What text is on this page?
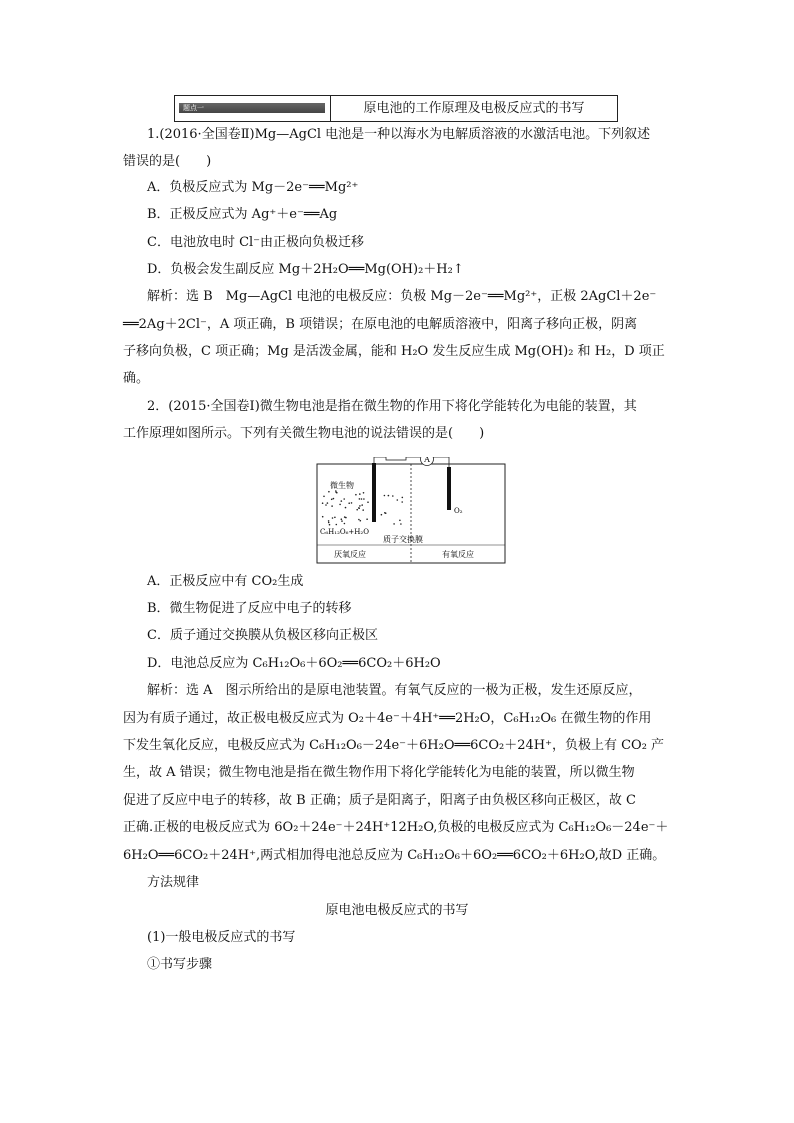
题点一	原电池的工作原理及电极反应式的书写
1.(2016·全国卷Ⅱ)Mg—AgCl 电池是一种以海水为电解质溶液的水激活电池。下列叙述
错误的是(　　)
A．负极反应式为 Mg－2e⁻══Mg²⁺
B．正极反应式为 Ag⁺＋e⁻══Ag
C．电池放电时 Cl⁻由正极向负极迁移
D．负极会发生副反应 Mg＋2H₂O══Mg(OH)₂＋H₂↑
解析：选 B　Mg—AgCl 电池的电极反应：负极 Mg－2e⁻══Mg²⁺，正极 2AgCl＋2e⁻
══2Ag＋2Cl⁻，A 项正确，B 项错误；在原电池的电解质溶液中，阳离子移向正极，阴离
子移向负极，C 项正确；Mg 是活泼金属，能和 H₂O 发生反应生成 Mg(OH)₂ 和 H₂，D 项正
确。
2．(2015·全国卷Ⅰ)微生物电池是指在微生物的作用下将化学能转化为电能的装置，其
工作原理如图所示。下列有关微生物电池的说法错误的是(　　)
A
微生物
C₆H₁₂O₆+H₂O
质子交换膜
O₂
厌氧反应	有氧反应
A．正极反应中有 CO₂生成
B．微生物促进了反应中电子的转移
C．质子通过交换膜从负极区移向正极区
D．电池总反应为 C₆H₁₂O₆＋6O₂══6CO₂＋6H₂O
解析：选 A　图示所给出的是原电池装置。有氧气反应的一极为正极，发生还原反应，
因为有质子通过，故正极电极反应式为 O₂＋4e⁻＋4H⁺══2H₂O，C₆H₁₂O₆ 在微生物的作用
下发生氧化反应，电极反应式为 C₆H₁₂O₆－24e⁻＋6H₂O══6CO₂＋24H⁺，负极上有 CO₂ 产
生，故 A 错误；微生物电池是指在微生物作用下将化学能转化为电能的装置，所以微生物
促进了反应中电子的转移，故 B 正确；质子是阳离子，阳离子由负极区移向正极区，故 C
正确.正极的电极反应式为 6O₂＋24e⁻＋24H⁺12H₂O,负极的电极反应式为 C₆H₁₂O₆－24e⁻＋
6H₂O══6CO₂＋24H⁺,两式相加得电池总反应为 C₆H₁₂O₆＋6O₂══6CO₂＋6H₂O,故D 正确。
方法规律
原电池电极反应式的书写
(1)一般电极反应式的书写
①书写步骤
